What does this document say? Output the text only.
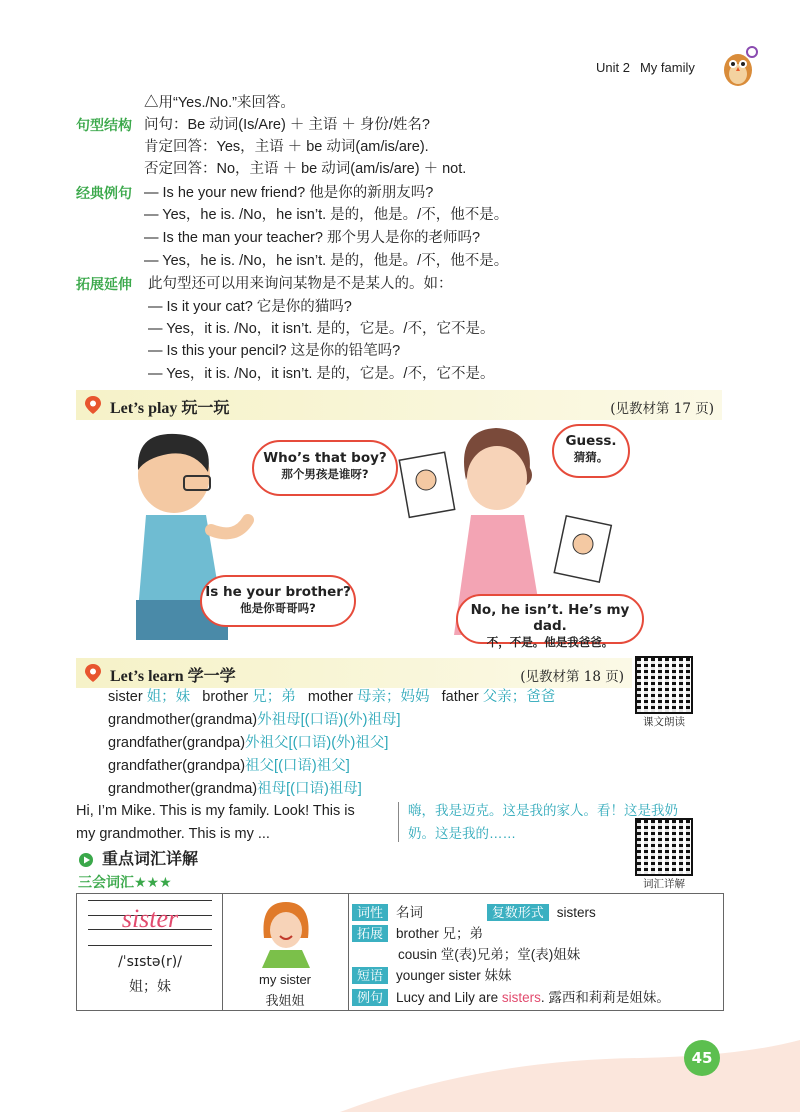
Unit 2 My family
△用“Yes./No.”来回答。
句型结构 问句：Be 动词(Is/Are) ＋ 主语 ＋ 身份/姓名?
肯定回答：Yes，主语 ＋ be 动词(am/is/are).
否定回答：No，主语 ＋ be 动词(am/is/are) ＋ not.
经典例句 — Is he your new friend? 他是你的新朋友吗?
— Yes，he is. /No，he isn’t. 是的，他是。/不，他不是。
— Is the man your teacher? 那个男人是你的老师吗?
— Yes，he is. /No，he isn’t. 是的，他是。/不，他不是。
拓展延伸 此句型还可以用来询问某物是不是某人的。如：
— Is it your cat? 它是你的猫吗?
— Yes，it is. /No，it isn’t. 是的，它是。/不，它不是。
— Is this your pencil? 这是你的铅笔吗?
— Yes，it is. /No，it isn’t. 是的，它是。/不，它不是。
Let’s play 玩一玩	(见教材第 17 页)
Who’s that boy?
那个男孩是谁呀?
Guess.
猜猜。
Is he your brother?
他是你哥哥吗?	No, he isn’t. He’s my dad.
不，不是。他是我爸爸。
Let’s learn 学一学	(见教材第 18 页)
课文朗读
sister 姐；妹 brother 兄；弟 mother 母亲；妈妈 father 父亲；爸爸
grandmother(grandma)外祖母[(口语)(外)祖母]
grandfather(grandpa)外祖父[(口语)(外)祖父]
grandfather(grandpa)祖父[(口语)祖父]
grandmother(grandma)祖母[(口语)祖母]
Hi, I’m Mike. This is my family. Look! This is
my grandmother. This is my ...
嗨，我是迈克。这是我的家人。看！这是我奶
奶。这是我的……
重点词汇详解
三会词汇★★★	词汇详解

sister
/ˈsɪstə(r)/
姐；妹	my sister
我姐姐
词性 名词	复数形式 sisters
拓展 brother 兄；弟
cousin 堂(表)兄弟；堂(表)姐妹
短语 younger sister 妹妹
例句 Lucy and Lily are sisters. 露西和莉莉是姐妹。
45
